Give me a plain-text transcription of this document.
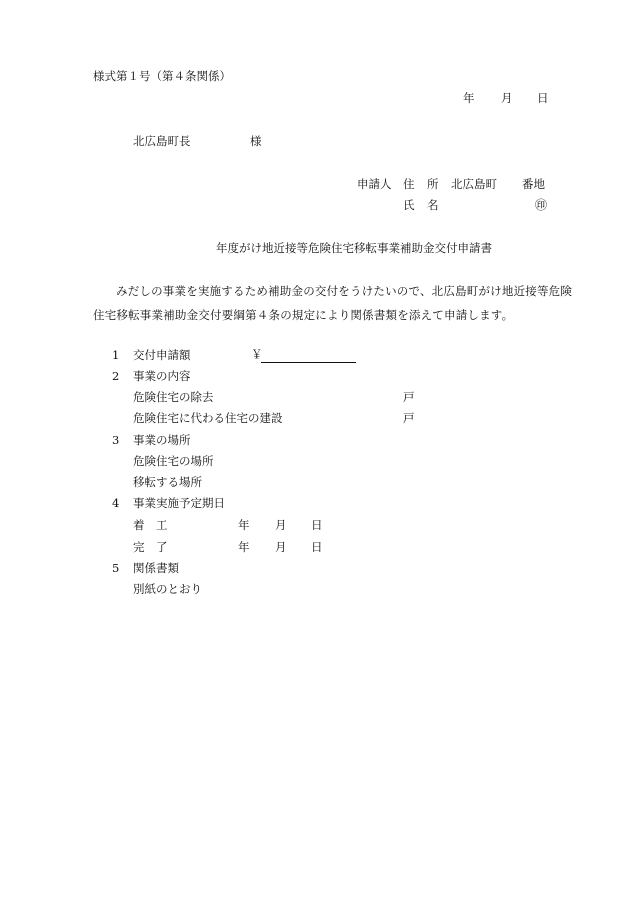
様式第１号（第４条関係）
年 月 日
北広島町長	様
申請人 住 所 北広島町 番地
氏 名	㊞
年度がけ地近接等危険住宅移転事業補助金交付申請書
みだしの事業を実施するため補助金の交付をうけたいので、北広島町がけ地近接等危険住宅移転事業補助金交付要綱第４条の規定により関係書類を添えて申請します。
1 交付申請額	￥
2 事業の内容
危険住宅の除去	戸
危険住宅に代わる住宅の建設	戸
3 事業の場所
危険住宅の場所
移転する場所
4 事業実施予定期日
着 工	年 月 日
完 了	年 月 日
5 関係書類
別紙のとおり
